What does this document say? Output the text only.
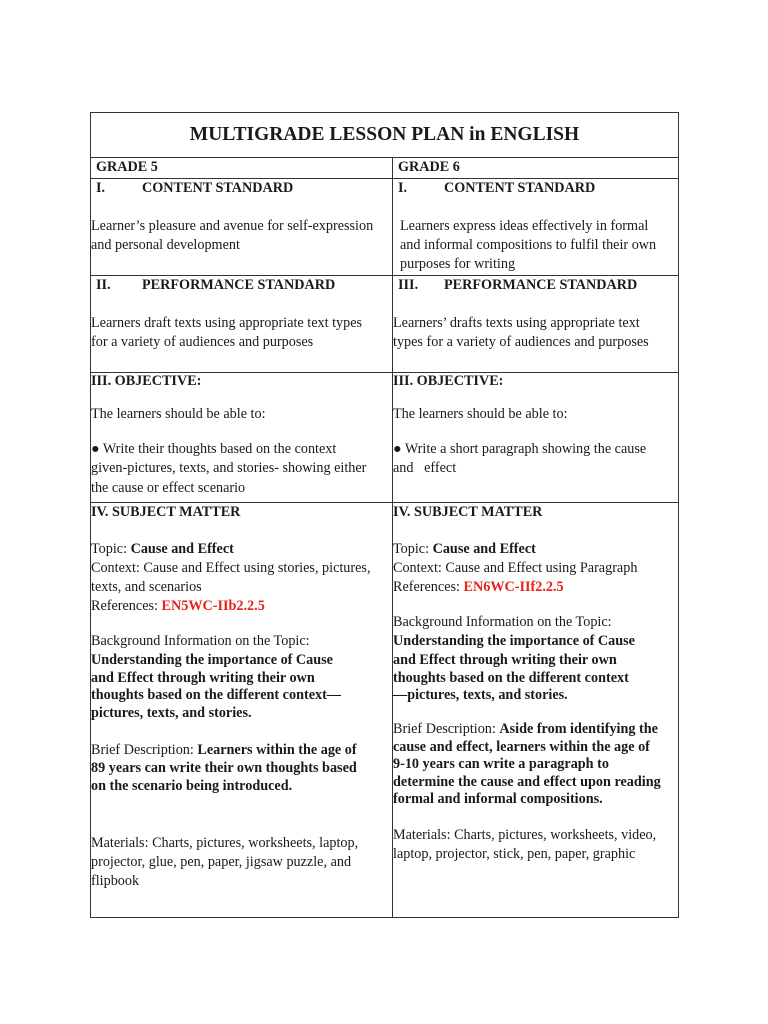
MULTIGRADE LESSON PLAN in ENGLISH
GRADE 5
I.	CONTENT STANDARD
Learner’s pleasure and avenue for self-expression
and personal development
II. PERFORMANCE STANDARD
Learners draft texts using appropriate text types
for a variety of audiences and purposes
III. OBJECTIVE:
The learners should be able to:
● Write their thoughts based on the context
given-pictures, texts, and stories- showing either
the cause or effect scenario
IV. SUBJECT MATTER
Topic: Cause and Effect
Context: Cause and Effect using stories, pictures,
texts, and scenarios
References: EN5WC-IIb2.2.5
Background Information on the Topic:
Understanding the importance of Cause
and Effect through writing their own
thoughts based on the different context—
pictures, texts, and stories.
Brief Description: Learners within the age of
89 years can write their own thoughts based
on the scenario being introduced.
Materials: Charts, pictures, worksheets, laptop,
projector, glue, pen, paper, jigsaw puzzle, and
flipbook
GRADE 6
I.	CONTENT STANDARD
Learners express ideas effectively in formal
and informal compositions to fulfil their own
purposes for writing
III. PERFORMANCE STANDARD
Learners’ drafts texts using appropriate text
types for a variety of audiences and purposes
III. OBJECTIVE:
The learners should be able to:
● Write a short paragraph showing the cause
and   effect
IV. SUBJECT MATTER
Topic: Cause and Effect
Context: Cause and Effect using Paragraph
References: EN6WC-IIf2.2.5
Background Information on the Topic:
Understanding the importance of Cause
and Effect through writing their own
thoughts based on the different context
—pictures, texts, and stories.
Brief Description: Aside from identifying the
cause and effect, learners within the age of
9-10 years can write a paragraph to
determine the cause and effect upon reading
formal and informal compositions.
Materials: Charts, pictures, worksheets, video,
laptop, projector, stick, pen, paper, graphic
